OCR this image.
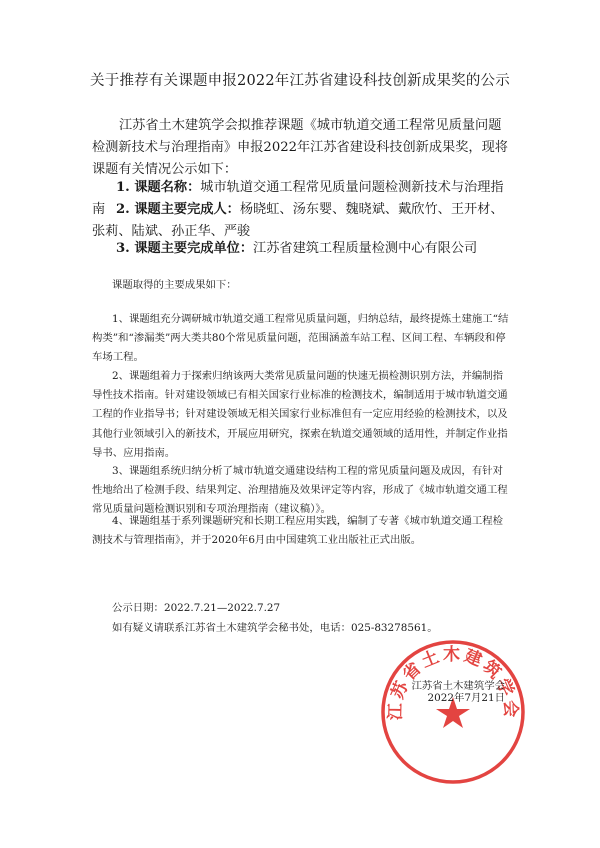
关于推荐有关课题申报2022年江苏省建设科技创新成果奖的公示
江苏省土木建筑学会拟推荐课题《城市轨道交通工程常见质量问题检测新技术与治理指南》申报2022年江苏省建设科技创新成果奖，现将课题有关情况公示如下：
1. 课题名称：城市轨道交通工程常见质量问题检测新技术与治理指南 2. 课题主要完成人：杨晓虹、汤东婴、魏晓斌、戴欣竹、王开材、张莉、陆斌、孙正华、严骏
3. 课题主要完成单位：江苏省建筑工程质量检测中心有限公司
课题取得的主要成果如下：
1、课题组充分调研城市轨道交通工程常见质量问题，归纳总结，最终提炼土建施工“结构类”和“渗漏类”两大类共80个常见质量问题，范围涵盖车站工程、区间工程、车辆段和停车场工程。
2、课题组着力于探索归纳该两大类常见质量问题的快速无损检测识别方法，并编制指导性技术指南。针对建设领域已有相关国家行业标准的检测技术，编制适用于城市轨道交通工程的作业指导书；针对建设领域无相关国家行业标准但有一定应用经验的检测技术，以及其他行业领域引入的新技术，开展应用研究，探索在轨道交通领域的适用性，并制定作业指导书、应用指南。
3、课题组系统归纳分析了城市轨道交通建设结构工程的常见质量问题及成因，有针对性地给出了检测手段、结果判定、治理措施及效果评定等内容，形成了《城市轨道交通工程常见质量问题检测识别和专项治理指南（建议稿）》。
4、课题组基于系列课题研究和长期工程应用实践，编制了专著《城市轨道交通工程检测技术与管理指南》，并于2020年6月由中国建筑工业出版社正式出版。
公示日期：2022.7.21—2022.7.27
如有疑义请联系江苏省土木建筑学会秘书处，电话：025-83278561。
江苏省土木建筑学会
江苏省土木建筑学会
2022年7月21日
